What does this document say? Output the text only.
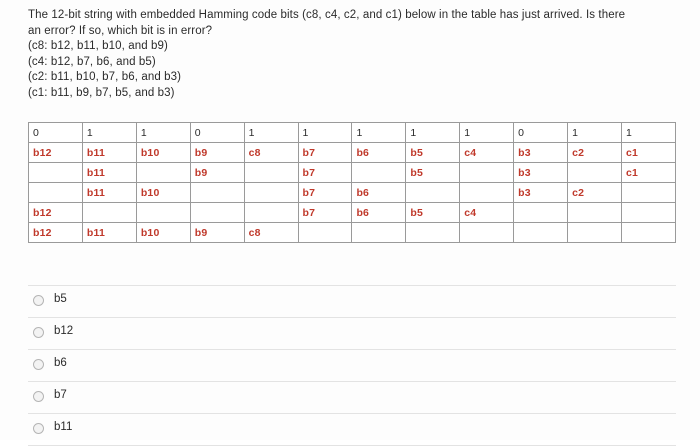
The 12-bit string with embedded Hamming code bits (c8, c4, c2, and c1) below in the table has just arrived. Is there
an error? If so, which bit is in error?
(c8: b12, b11, b10, and b9)
(c4: b12, b7, b6, and b5)
(c2: b11, b10, b7, b6, and b3)
(c1: b11, b9, b7, b5, and b3)
0	1	1	0	1	1	1	1	1	0	1	1
b12	b11	b10	b9	c8	b7	b6	b5	c4	b3	c2	c1
	b11		b9		b7		b5		b3		c1
	b11	b10			b7	b6			b3	c2	
b12					b7	b6	b5	c4			
b12	b11	b10	b9	c8							
b5
b12
b6
b7
b11
